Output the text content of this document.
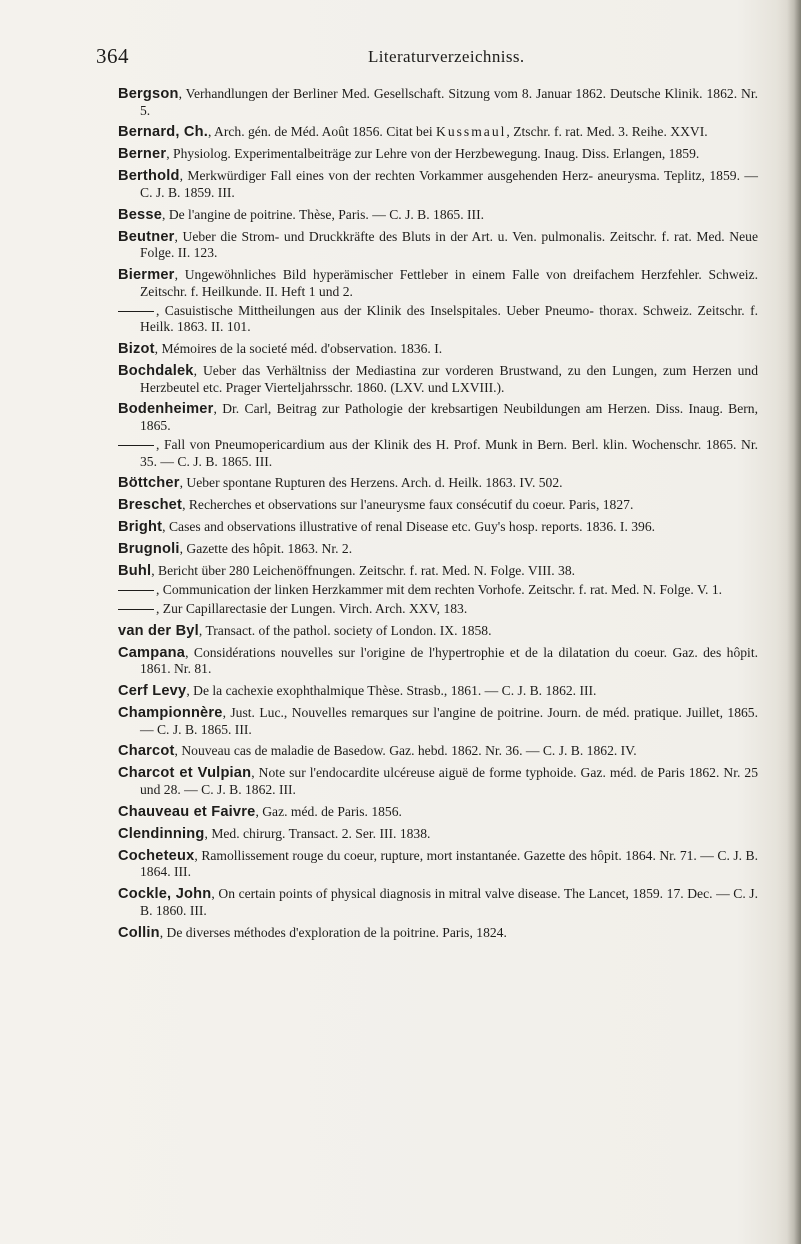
364	Literaturverzeichniss.

Bergson, Verhandlungen der Berliner Med. Gesellschaft. Sitzung vom 8. Januar 1862. Deutsche Klinik. 1862. Nr. 5.

Bernard, Ch., Arch. gén. de Méd. Août 1856. Citat bei Kussmaul, Ztschr. f. rat. Med. 3. Reihe. XXVI.

Berner, Physiolog. Experimentalbeiträge zur Lehre von der Herzbewegung. Inaug. Diss. Erlangen, 1859.

Berthold, Merkwürdiger Fall eines von der rechten Vorkammer ausgehenden Herz- aneurysma. Teplitz, 1859. — C. J. B. 1859. III.

Besse, De l'angine de poitrine. Thèse, Paris. — C. J. B. 1865. III.

Beutner, Ueber die Strom- und Druckkräfte des Bluts in der Art. u. Ven. pulmonalis. Zeitschr. f. rat. Med. Neue Folge. II. 123.

Biermer, Ungewöhnliches Bild hyperämischer Fettleber in einem Falle von dreifachem Herzfehler. Schweiz. Zeitschr. f. Heilkunde. II. Heft 1 und 2.

, Casuistische Mittheilungen aus der Klinik des Inselspitales. Ueber Pneumo- thorax. Schweiz. Zeitschr. f. Heilk. 1863. II. 101.

Bizot, Mémoires de la societé méd. d'observation. 1836. I.

Bochdalek, Ueber das Verhältniss der Mediastina zur vorderen Brustwand, zu den Lungen, zum Herzen und Herzbeutel etc. Prager Vierteljahrsschr. 1860. (LXV. und LXVIII.).

Bodenheimer, Dr. Carl, Beitrag zur Pathologie der krebsartigen Neubildungen am Herzen. Diss. Inaug. Bern, 1865.

, Fall von Pneumopericardium aus der Klinik des H. Prof. Munk in Bern. Berl. klin. Wochenschr. 1865. Nr. 35. — C. J. B. 1865. III.

Böttcher, Ueber spontane Rupturen des Herzens. Arch. d. Heilk. 1863. IV. 502.

Breschet, Recherches et observations sur l'aneurysme faux consécutif du coeur. Paris, 1827.

Bright, Cases and observations illustrative of renal Disease etc. Guy's hosp. reports. 1836. I. 396.

Brugnoli, Gazette des hôpit. 1863. Nr. 2.

Buhl, Bericht über 280 Leichenöffnungen. Zeitschr. f. rat. Med. N. Folge. VIII. 38.

, Communication der linken Herzkammer mit dem rechten Vorhofe. Zeitschr. f. rat. Med. N. Folge. V. 1.

, Zur Capillarectasie der Lungen. Virch. Arch. XXV, 183.

van der Byl, Transact. of the pathol. society of London. IX. 1858.

Campana, Considérations nouvelles sur l'origine de l'hypertrophie et de la dilatation du coeur. Gaz. des hôpit. 1861. Nr. 81.

Cerf Levy, De la cachexie exophthalmique Thèse. Strasb., 1861. — C. J. B. 1862. III.

Championnère, Just. Luc., Nouvelles remarques sur l'angine de poitrine. Journ. de méd. pratique. Juillet, 1865. — C. J. B. 1865. III.

Charcot, Nouveau cas de maladie de Basedow. Gaz. hebd. 1862. Nr. 36. — C. J. B. 1862. IV.

Charcot et Vulpian, Note sur l'endocardite ulcéreuse aiguë de forme typhoide. Gaz. méd. de Paris 1862. Nr. 25 und 28. — C. J. B. 1862. III.

Chauveau et Faivre, Gaz. méd. de Paris. 1856.

Clendinning, Med. chirurg. Transact. 2. Ser. III. 1838.

Cocheteux, Ramollissement rouge du coeur, rupture, mort instantanée. Gazette des hôpit. 1864. Nr. 71. — C. J. B. 1864. III.

Cockle, John, On certain points of physical diagnosis in mitral valve disease. The Lancet, 1859. 17. Dec. — C. J. B. 1860. III.

Collin, De diverses méthodes d'exploration de la poitrine. Paris, 1824.
